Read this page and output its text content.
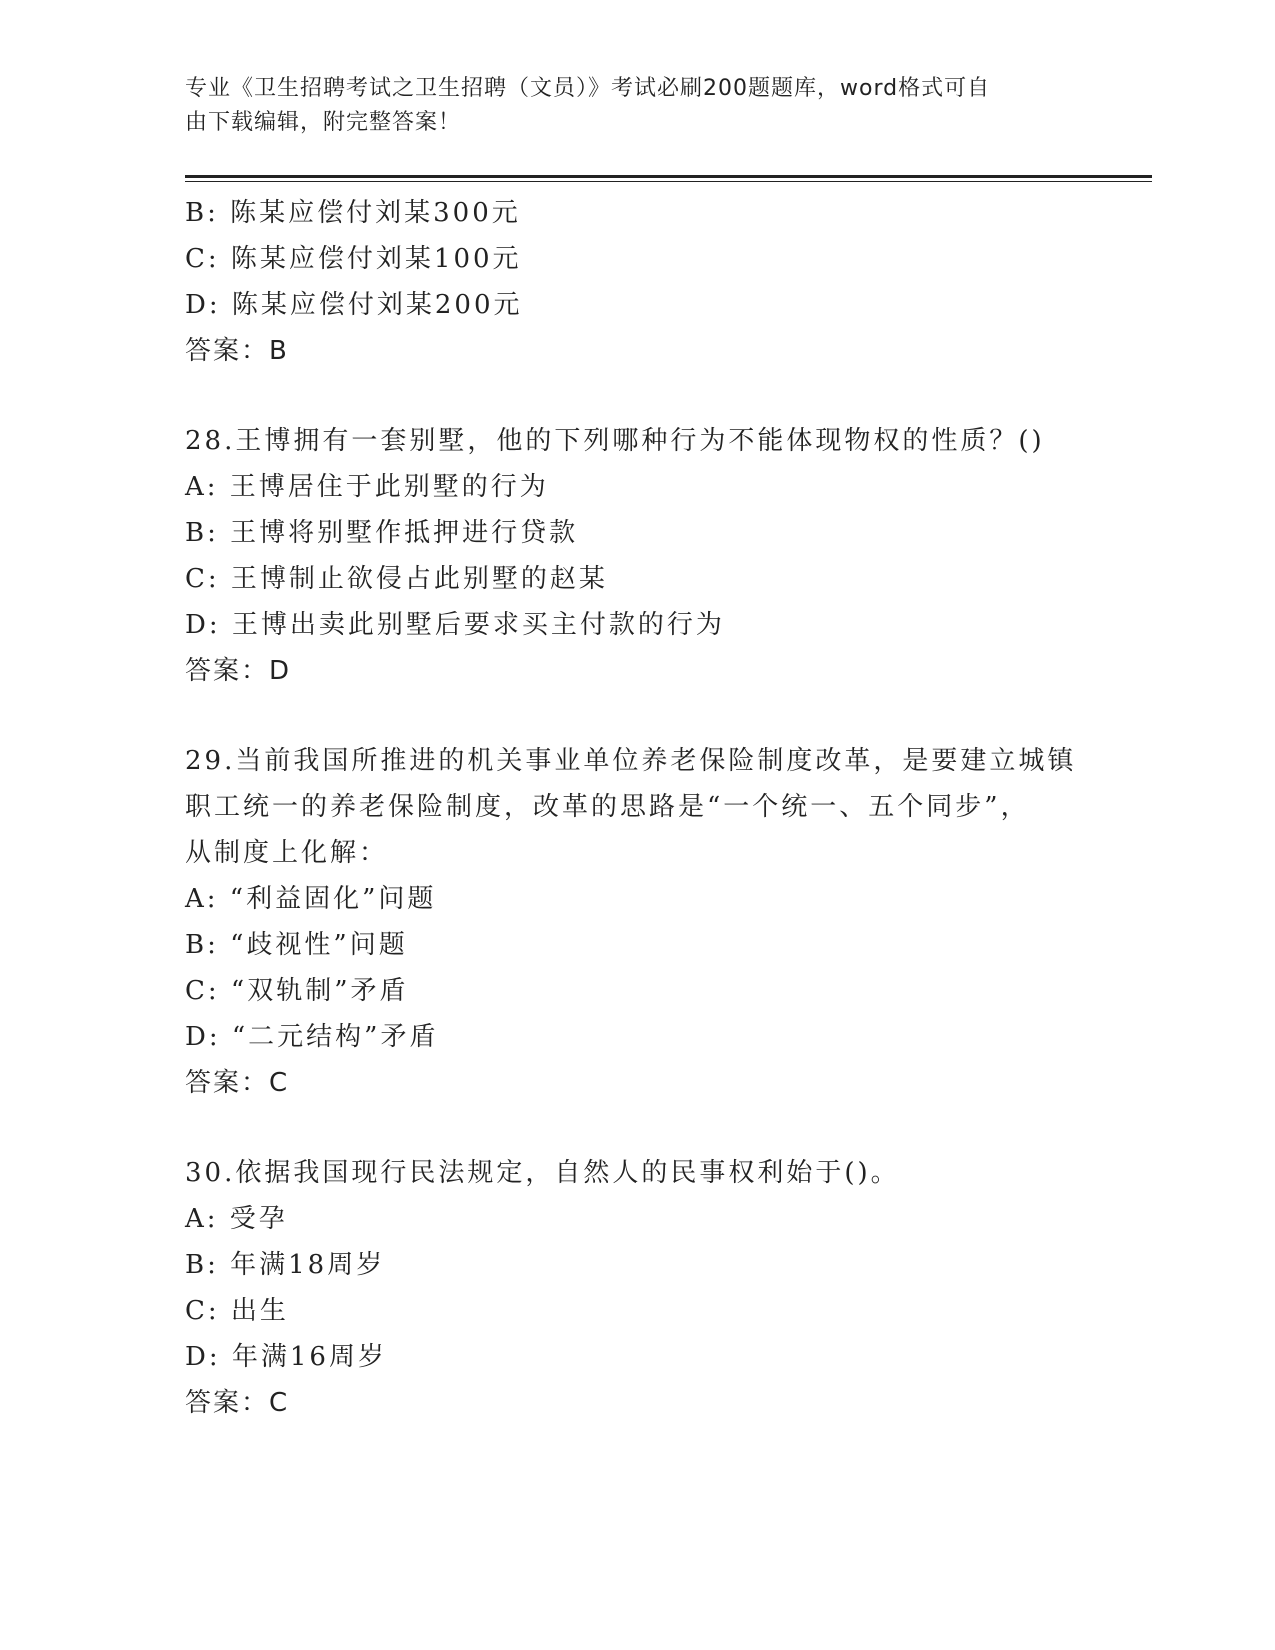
专业《卫生招聘考试之卫生招聘（文员）》考试必刷200题题库，word格式可自
由下载编辑，附完整答案！
B: 陈某应偿付刘某300元
C: 陈某应偿付刘某100元
D: 陈某应偿付刘某200元
答案：B
28.王博拥有一套别墅，他的下列哪种行为不能体现物权的性质？()
A: 王博居住于此别墅的行为
B: 王博将别墅作抵押进行贷款
C: 王博制止欲侵占此别墅的赵某
D: 王博出卖此别墅后要求买主付款的行为
答案：D
29.当前我国所推进的机关事业单位养老保险制度改革，是要建立城镇
职工统一的养老保险制度，改革的思路是“一个统一、五个同步”，
从制度上化解：
A: “利益固化”问题
B: “歧视性”问题
C: “双轨制”矛盾
D: “二元结构”矛盾
答案：C
30.依据我国现行民法规定，自然人的民事权利始于()。
A: 受孕
B: 年满18周岁
C: 出生
D: 年满16周岁
答案：C
